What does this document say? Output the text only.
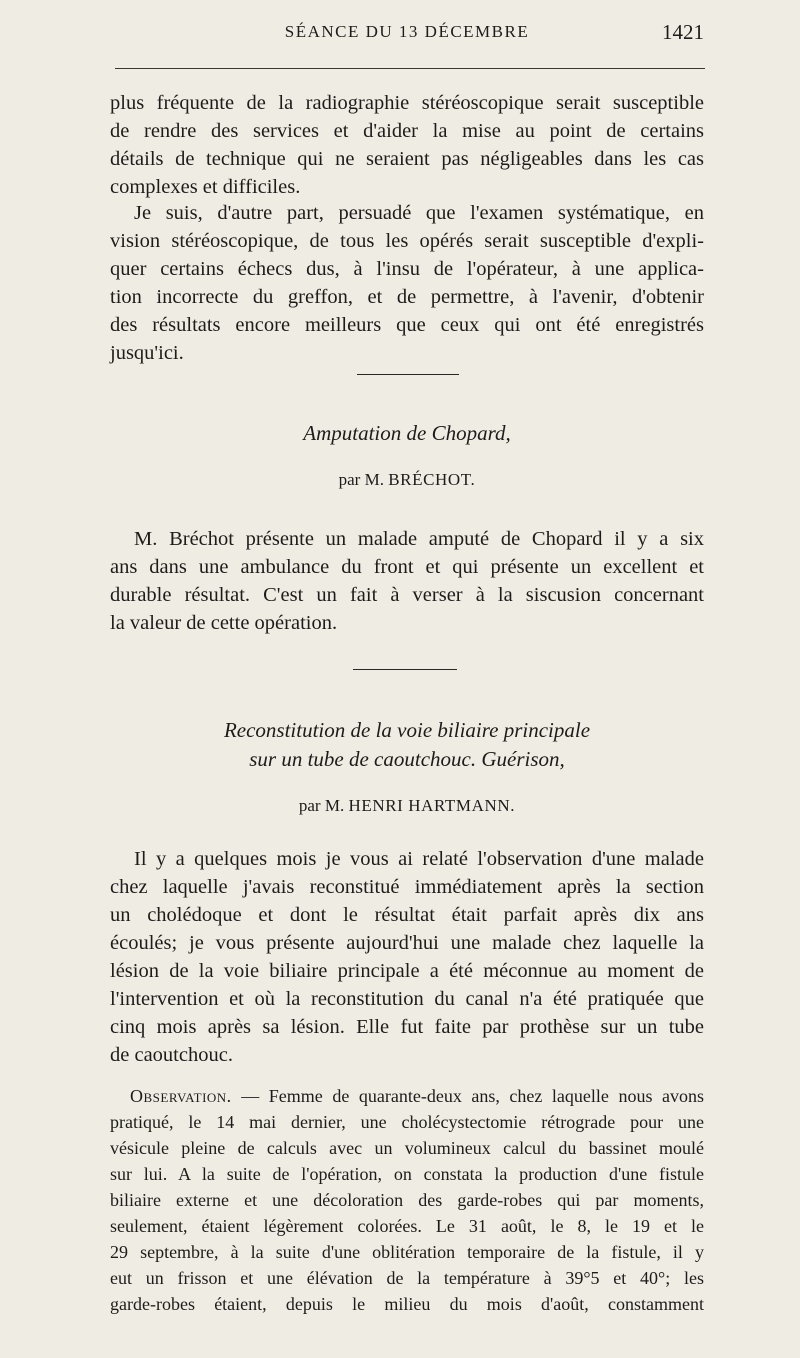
SÉANCE DU 13 DÉCEMBRE	1421
plus fréquente de la radiographie stéréoscopique serait susceptible
de rendre des services et d'aider la mise au point de certains
détails de technique qui ne seraient pas négligeables dans les cas
complexes et difficiles.
Je suis, d'autre part, persuadé que l'examen systématique, en
vision stéréoscopique, de tous les opérés serait susceptible d'expli-
quer certains échecs dus, à l'insu de l'opérateur, à une applica-
tion incorrecte du greffon, et de permettre, à l'avenir, d'obtenir
des résultats encore meilleurs que ceux qui ont été enregistrés
jusqu'ici.
Amputation de Chopard,
par M. BRÉCHOT.
M. Bréchot présente un malade amputé de Chopard il y a six
ans dans une ambulance du front et qui présente un excellent et
durable résultat. C'est un fait à verser à la siscusion concernant
la valeur de cette opération.
Reconstitution de la voie biliaire principale
sur un tube de caoutchouc. Guérison,
par M. HENRI HARTMANN.
Il y a quelques mois je vous ai relaté l'observation d'une malade
chez laquelle j'avais reconstitué immédiatement après la section
un cholédoque et dont le résultat était parfait après dix ans
écoulés; je vous présente aujourd'hui une malade chez laquelle la
lésion de la voie biliaire principale a été méconnue au moment de
l'intervention et où la reconstitution du canal n'a été pratiquée que
cinq mois après sa lésion. Elle fut faite par prothèse sur un tube
de caoutchouc.
Observation. — Femme de quarante-deux ans, chez laquelle nous avons
pratiqué, le 14 mai dernier, une cholécystectomie rétrograde pour une
vésicule pleine de calculs avec un volumineux calcul du bassinet moulé
sur lui. A la suite de l'opération, on constata la production d'une fistule
biliaire externe et une décoloration des garde-robes qui par moments,
seulement, étaient légèrement colorées. Le 31 août, le 8, le 19 et le
29 septembre, à la suite d'une oblitération temporaire de la fistule, il y
eut un frisson et une élévation de la température à 39°5 et 40°; les
garde-robes étaient, depuis le milieu du mois d'août, constamment
